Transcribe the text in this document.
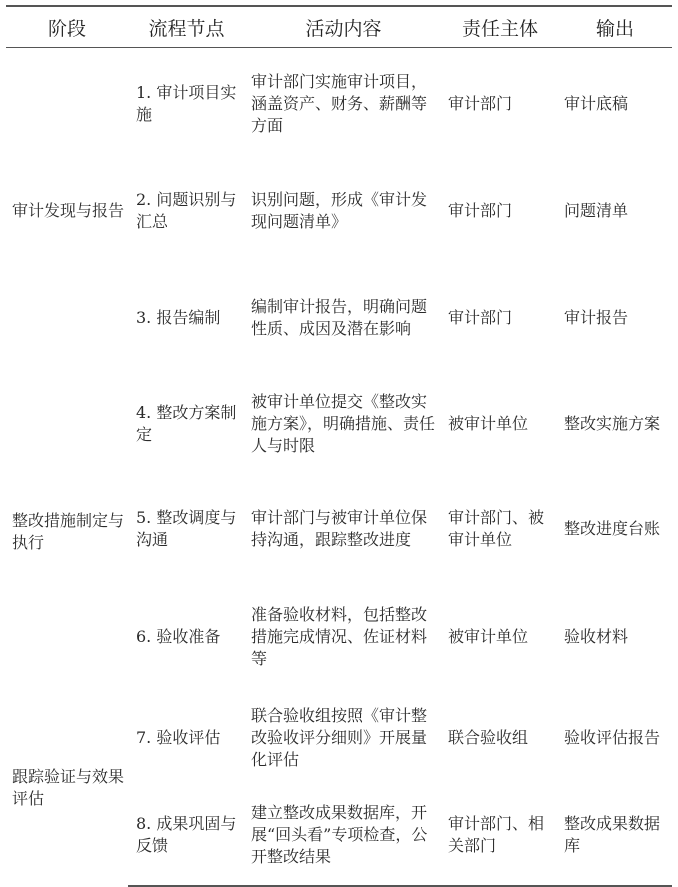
阶段	流程节点	活动内容	责任主体	输出
审计发现与报告	1. 审计项目实施	审计部门实施审计项目，涵盖资产、财务、薪酬等方面	审计部门	审计底稿
	2. 问题识别与汇总	识别问题，形成《审计发现问题清单》	审计部门	问题清单
	3. 报告编制	编制审计报告，明确问题性质、成因及潜在影响	审计部门	审计报告
整改措施制定与执行	4. 整改方案制定	被审计单位提交《整改实施方案》，明确措施、责任人与时限	被审计单位	整改实施方案
	5. 整改调度与沟通	审计部门与被审计单位保持沟通，跟踪整改进度	审计部门、被审计单位	整改进度台账
	6. 验收准备	准备验收材料，包括整改措施完成情况、佐证材料等	被审计单位	验收材料
跟踪验证与效果评估	7. 验收评估	联合验收组按照《审计整改验收评分细则》开展量化评估	联合验收组	验收评估报告
	8. 成果巩固与反馈	建立整改成果数据库，开展“回头看”专项检查，公开整改结果	审计部门、相关部门	整改成果数据库
